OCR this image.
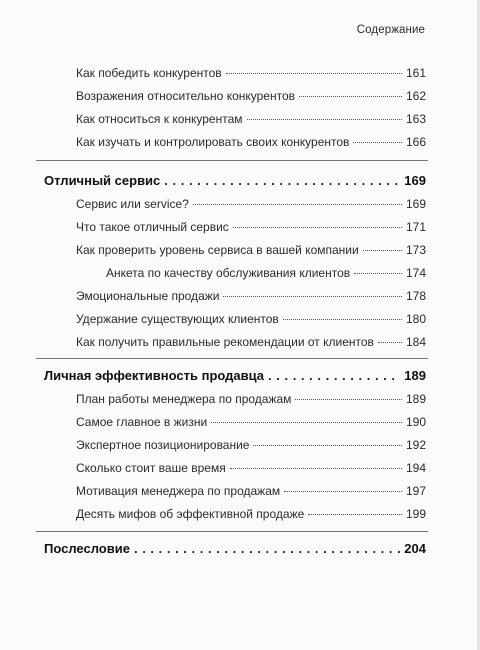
Содержание
Как победить конкурентов	161
Возражения относительно конкурентов	162
Как относиться к конкурентам	163
Как изучать и контролировать своих конкурентов	166
Отличный сервис . . .	169
Сервис или service?	169
Что такое отличный сервис	171
Как проверить уровень сервиса в вашей компании	173
Анкета по качеству обслуживания клиентов	174
Эмоциональные продажи	178
Удержание существующих клиентов	180
Как получить правильные рекомендации от клиентов	184
Личная эффективность продавца . . .	189
План работы менеджера по продажам	189
Самое главное в жизни	190
Экспертное позиционирование	192
Сколько стоит ваше время	194
Мотивация менеджера по продажам	197
Десять мифов об эффективной продаже	199
Послесловие . . .	204
